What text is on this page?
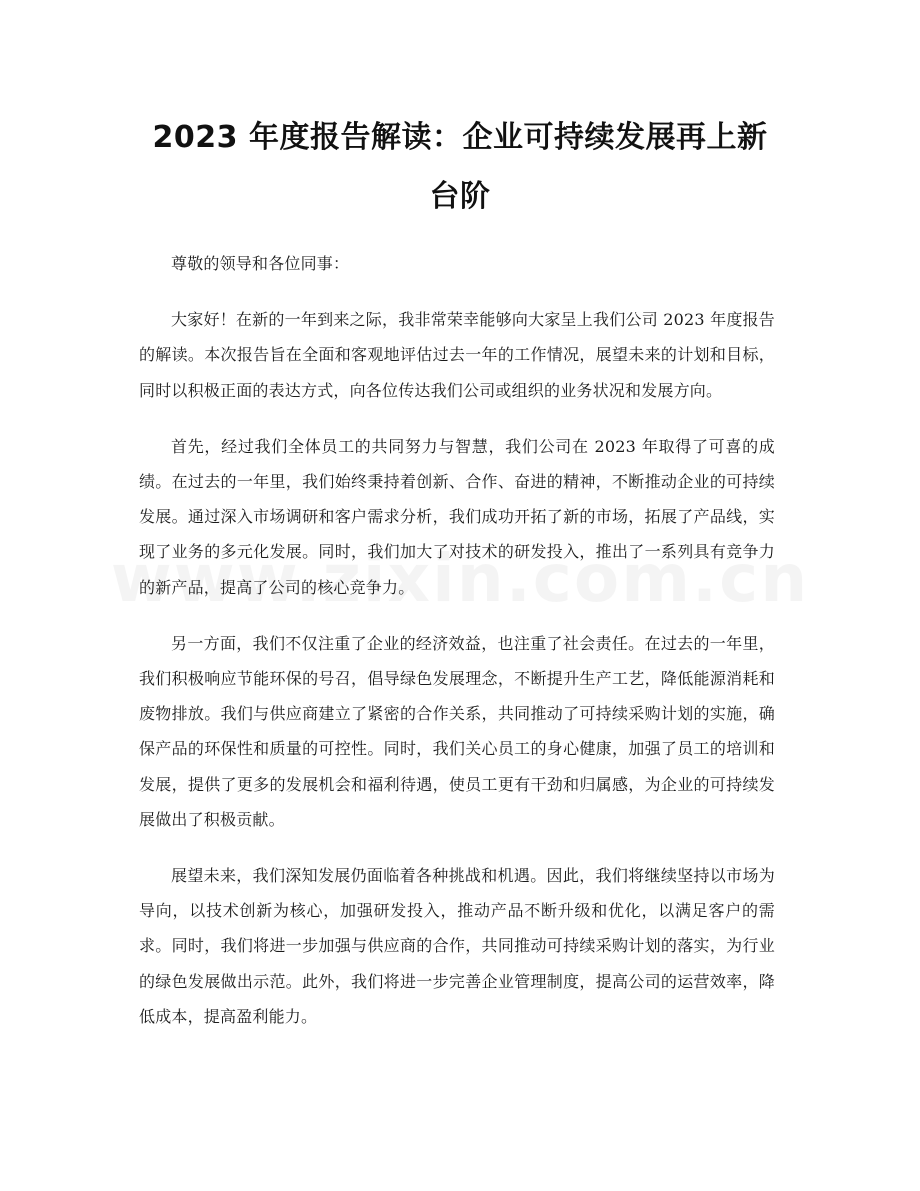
2023 年度报告解读：企业可持续发展再上新台阶

尊敬的领导和各位同事：

大家好！在新的一年到来之际，我非常荣幸能够向大家呈上我们公司 2023 年度报告的解读。本次报告旨在全面和客观地评估过去一年的工作情况，展望未来的计划和目标，同时以积极正面的表达方式，向各位传达我们公司或组织的业务状况和发展方向。

首先，经过我们全体员工的共同努力与智慧，我们公司在 2023 年取得了可喜的成绩。在过去的一年里，我们始终秉持着创新、合作、奋进的精神，不断推动企业的可持续发展。通过深入市场调研和客户需求分析，我们成功开拓了新的市场，拓展了产品线，实现了业务的多元化发展。同时，我们加大了对技术的研发投入，推出了一系列具有竞争力的新产品，提高了公司的核心竞争力。

另一方面，我们不仅注重了企业的经济效益，也注重了社会责任。在过去的一年里，我们积极响应节能环保的号召，倡导绿色发展理念，不断提升生产工艺，降低能源消耗和废物排放。我们与供应商建立了紧密的合作关系，共同推动了可持续采购计划的实施，确保产品的环保性和质量的可控性。同时，我们关心员工的身心健康，加强了员工的培训和发展，提供了更多的发展机会和福利待遇，使员工更有干劲和归属感，为企业的可持续发展做出了积极贡献。

展望未来，我们深知发展仍面临着各种挑战和机遇。因此，我们将继续坚持以市场为导向，以技术创新为核心，加强研发投入，推动产品不断升级和优化，以满足客户的需求。同时，我们将进一步加强与供应商的合作，共同推动可持续采购计划的落实，为行业的绿色发展做出示范。此外，我们将进一步完善企业管理制度，提高公司的运营效率，降低成本，提高盈利能力。
